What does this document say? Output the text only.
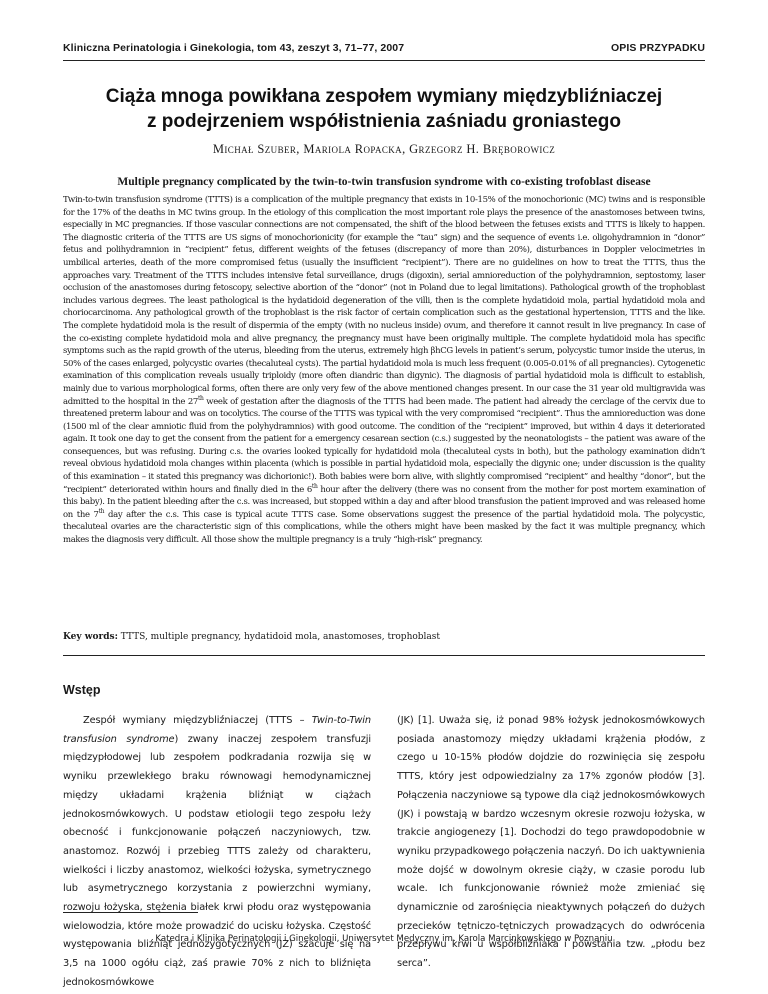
Kliniczna Perinatologia i Ginekologia, tom 43, zeszyt 3, 71–77, 2007	OPIS PRZYPADKU
Ciąża mnoga powikłana zespołem wymiany międzybliźniaczej
z podejrzeniem współistnienia zaśniadu groniastego
Michał Szuber, Mariola Ropacka, Grzegorz H. Bręborowicz
Multiple pregnancy complicated by the twin-to-twin transfusion syndrome with co-existing trofoblast disease
Twin-to-twin transfusion syndrome (TTTS) is a complication of the multiple pregnancy that exists in 10-15% of the monochorionic (MC) twins and is responsible for the 17% of the deaths in MC twins group. In the etiology of this complication the most important role plays the presence of the anastomoses between twins, especially in MC pregnancies. If those vascular connections are not compensated, the shift of the blood between the fetuses exists and TTTS is likely to happen. The diagnostic criteria of the TTTS are US signs of monochorionicity (for example the “tau” sign) and the sequence of events i.e. oligohydramnion in “donor” fetus and polihydramnion in “recipient” fetus, different weights of the fetuses (discrepancy of more than 20%), disturbances in Doppler velocimetries in umbilical arteries, death of the more compromised fetus (usually the insufficient “recipient”). There are no guidelines on how to treat the TTTS, thus the approaches vary. Treatment of the TTTS includes intensive fetal surveillance, drugs (digoxin), serial amnioreduction of the polyhydramnion, septostomy, laser occlusion of the anastomoses during fetoscopy, selective abortion of the “donor” (not in Poland due to legal limitations). Pathological growth of the trophoblast includes various degrees. The least pathological is the hydatidoid degeneration of the villi, then is the complete hydatidoid mola, partial hydatidoid mola and choriocarcinoma. Any pathological growth of the trophoblast is the risk factor of certain complication such as the gestational hypertension, TTTS and the like. The complete hydatidoid mola is the result of dispermia of the empty (with no nucleus inside) ovum, and therefore it cannot result in live pregnancy. In case of the co-existing complete hydatidoid mola and alive pregnancy, the pregnancy must have been originally multiple. The complete hydatidoid mola has specific symptoms such as the rapid growth of the uterus, bleeding from the uterus, extremely high βhCG levels in patient’s serum, polycystic tumor inside the uterus, in 50% of the cases enlarged, polycystic ovaries (thecaluteal cysts). The partial hydatidoid mola is much less frequent (0.005-0.01% of all pregnancies). Cytogenetic examination of this complication reveals usually triploidy (more often diandric than digynic). The diagnosis of partial hydatidoid mola is difficult to establish, mainly due to various morphological forms, often there are only very few of the above mentioned changes present. In our case the 31 year old multigravida was admitted to the hospital in the 27th week of gestation after the diagnosis of the TTTS had been made. The patient had already the cerclage of the cervix due to threatened preterm labour and was on tocolytics. The course of the TTTS was typical with the very compromised “recipient”. Thus the amnioreduction was done (1500 ml of the clear amniotic fluid from the polyhydramnios) with good outcome. The condition of the “recipient” improved, but within 4 days it deteriorated again. It took one day to get the consent from the patient for a emergency cesarean section (c.s.) suggested by the neonatologists – the patient was aware of the consequences, but was refusing. During c.s. the ovaries looked typically for hydatidoid mola (thecaluteal cysts in both), but the pathology examination didn’t reveal obvious hydatidoid mola changes within placenta (which is possible in partial hydatidoid mola, especially the digynic one; under discussion is the quality of this examination – it stated this pregnancy was dichorionic!). Both babies were born alive, with slightly compromised “recipient” and healthy “donor”, but the “recipient” deteriorated within hours and finally died in the 6th hour after the delivery (there was no consent from the mother for post mortem examination of this baby). In the patient bleeding after the c.s. was increased, but stopped within a day and after blood transfusion the patient improved and was released home on the 7th day after the c.s. This case is typical acute TTTS case. Some observations suggest the presence of the partial hydatidoid mola. The polycystic, thecaluteal ovaries are the characteristic sign of this complications, while the others might have been masked by the fact it was multiple pregnancy, which makes the diagnosis very difficult. All those show the multiple pregnancy is a truly “high-risk” pregnancy.
Key words: TTTS, multiple pregnancy, hydatidoid mola, anastomoses, trophoblast
Wstęp
Zespół wymiany międzybliźniaczej (TTTS – Twin-to-Twin transfusion syndrome) zwany inaczej zespołem transfuzji międzypłodowej lub zespołem podkradania rozwija się w wyniku przewlekłego braku równowagi hemodynamicznej między układami krążenia bliźniąt w ciążach jednokosmówkowych. U podstaw etiologii tego zespołu leży obecność i funkcjonowanie połączeń naczyniowych, tzw. anastomoz. Rozwój i przebieg TTTS zależy od charakteru, wielkości i liczby anastomoz, wielkości łożyska, symetrycznego lub asymetrycznego korzystania z powierzchni wymiany, rozwoju łożyska, stężenia białek krwi płodu oraz występowania wielowodzia, które może prowadzić do ucisku łożyska. Częstość występowania bliźniąt jednozygotycznych (JZ) szacuje się na 3,5 na 1000 ogółu ciąż, zaś prawie 70% z nich to bliźnięta jednokosmówkowe
(JK) [1]. Uważa się, iż ponad 98% łożysk jednokosmówkowych posiada anastomozy między układami krążenia płodów, z czego u 10-15% płodów dojdzie do rozwinięcia się zespołu TTTS, który jest odpowiedzialny za 17% zgonów płodów [3]. Połączenia naczyniowe są typowe dla ciąż jednokosmówkowych (JK) i powstają w bardzo wczesnym okresie rozwoju łożyska, w trakcie angiogenezy [1]. Dochodzi do tego prawdopodobnie w wyniku przypadkowego połączenia naczyń. Do ich uaktywnienia może dojść w dowolnym okresie ciąży, w czasie porodu lub wcale. Ich funkcjonowanie również może zmieniać się dynamicznie od zarośnięcia nieaktywnych połączeń do dużych przecieków tętniczo-tętniczych prowadzących do odwrócenia przepływu krwi u współbliźniaka i powstania tzw. „płodu bez serca”.
Katedra i Klinika Perinatologii i Ginekologii, Uniwersytet Medyczny im. Karola Marcinkowskiego w Poznaniu
